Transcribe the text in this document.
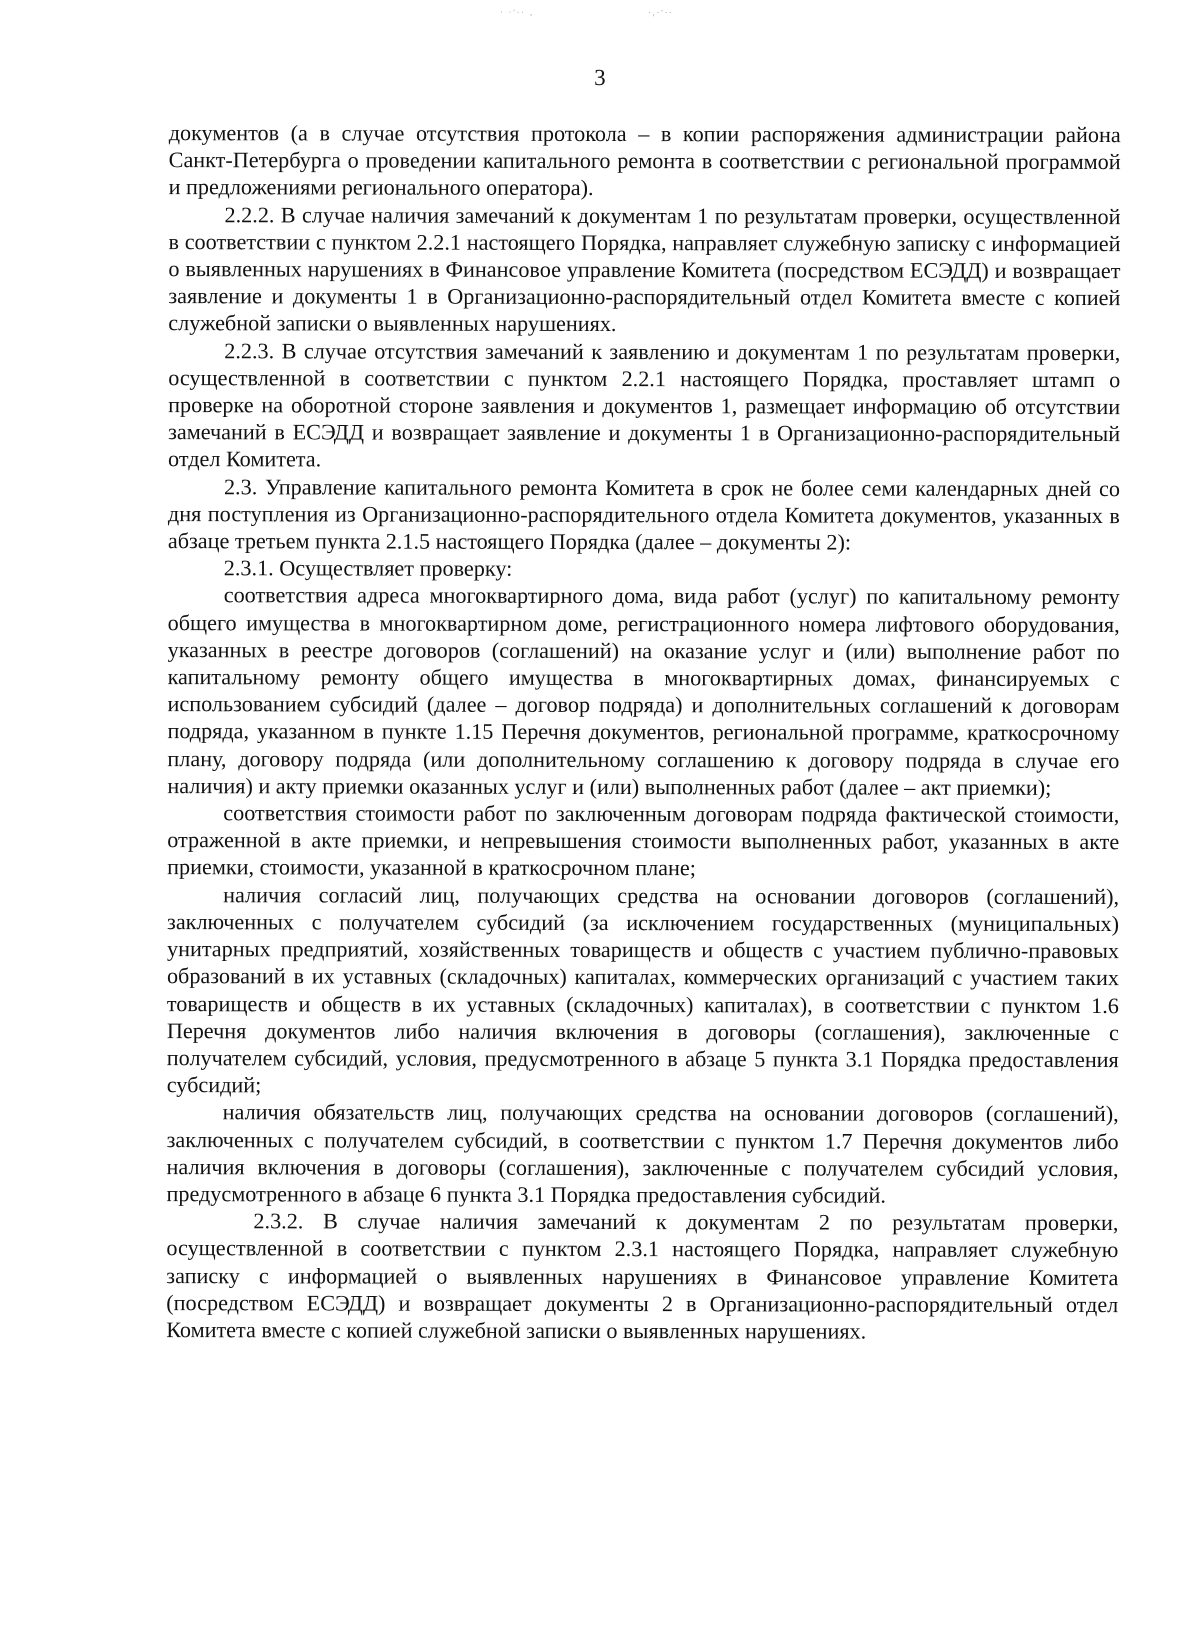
· ·'·· ,	·,·'··
3

документов (а в случае отсутствия протокола – в копии распоряжения администрации района Санкт-Петербурга о проведении капитального ремонта в соответствии с региональной программой и предложениями регионального оператора).

2.2.2. В случае наличия замечаний к документам 1 по результатам проверки, осуществленной в соответствии с пунктом 2.2.1 настоящего Порядка, направляет служебную записку с информацией о выявленных нарушениях в Финансовое управление Комитета (посредством ЕСЭДД) и возвращает заявление и документы 1 в Организационно-распорядительный отдел Комитета вместе с копией служебной записки о выявленных нарушениях.

2.2.3. В случае отсутствия замечаний к заявлению и документам 1 по результатам проверки, осуществленной в соответствии с пунктом 2.2.1 настоящего Порядка, проставляет штамп о проверке на оборотной стороне заявления и документов 1, размещает информацию об отсутствии замечаний в ЕСЭДД и возвращает заявление и документы 1 в Организационно-распорядительный отдел Комитета.

2.3. Управление капитального ремонта Комитета в срок не более семи календарных дней со дня поступления из Организационно-распорядительного отдела Комитета документов, указанных в абзаце третьем пункта 2.1.5 настоящего Порядка (далее – документы 2):

2.3.1. Осуществляет проверку:

соответствия адреса многоквартирного дома, вида работ (услуг) по капитальному ремонту общего имущества в многоквартирном доме, регистрационного номера лифтового оборудования, указанных в реестре договоров (соглашений) на оказание услуг и (или) выполнение работ по капитальному ремонту общего имущества в многоквартирных домах, финансируемых с использованием субсидий (далее – договор подряда) и дополнительных соглашений к договорам подряда, указанном в пункте 1.15 Перечня документов, региональной программе, краткосрочному плану, договору подряда (или дополнительному соглашению к договору подряда в случае его наличия) и акту приемки оказанных услуг и (или) выполненных работ (далее – акт приемки);

соответствия стоимости работ по заключенным договорам подряда фактической стоимости, отраженной в акте приемки, и непревышения стоимости выполненных работ, указанных в акте приемки, стоимости, указанной в краткосрочном плане;

наличия согласий лиц, получающих средства на основании договоров (соглашений), заключенных с получателем субсидий (за исключением государственных (муниципальных) унитарных предприятий, хозяйственных товариществ и обществ с участием публично-правовых образований в их уставных (складочных) капиталах, коммерческих организаций с участием таких товариществ и обществ в их уставных (складочных) капиталах), в соответствии с пунктом 1.6 Перечня документов либо наличия включения в договоры (соглашения), заключенные с получателем субсидий, условия, предусмотренного в абзаце 5 пункта 3.1 Порядка предоставления субсидий;

наличия обязательств лиц, получающих средства на основании договоров (соглашений), заключенных с получателем субсидий, в соответствии с пунктом 1.7 Перечня документов либо наличия включения в договоры (соглашения), заключенные с получателем субсидий условия, предусмотренного в абзаце 6 пункта 3.1 Порядка предоставления субсидий.

2.3.2. В случае наличия замечаний к документам 2 по результатам проверки, осуществленной в соответствии с пунктом 2.3.1 настоящего Порядка, направляет служебную записку с информацией о выявленных нарушениях в Финансовое управление Комитета (посредством ЕСЭДД) и возвращает документы 2 в Организационно-распорядительный отдел Комитета вместе с копией служебной записки о выявленных нарушениях.
